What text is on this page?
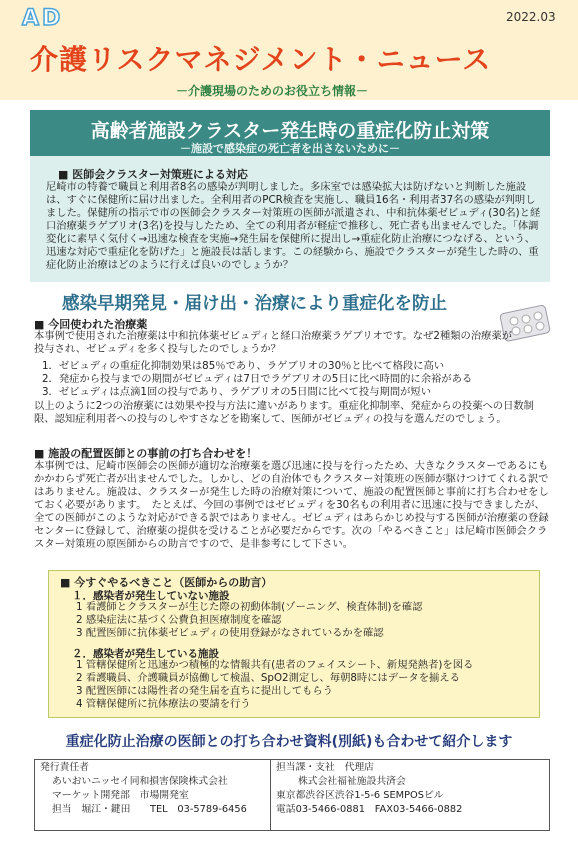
AD	2022.03
介護リスクマネジメント・ニュース
－介護現場のためのお役立ち情報－
高齢者施設クラスター発生時の重症化防止対策
－施設で感染症の死亡者を出さないために－
■ 医師会クラスター対策班による対応
尼崎市の特養で職員と利用者8名の感染が判明しました。多床室では感染拡大は防げないと判断した施設は、すぐに保健所に届け出ました。全利用者のPCR検査を実施し、職員16名・利用者37名の感染が判明しました。保健所の指示で市の医師会クラスター対策班の医師が派遣され、中和抗体薬ゼビュディ(30名)と経口治療薬ラゲブリオ(3名)を投与したため、全ての利用者が軽症で推移し、死亡者も出ませんでした。「体調変化に素早く気付く→迅速な検査を実施→発生届を保健所に提出し→重症化防止治療につなげる、という、迅速な対応で重症化を防げた」と施設長は話します。この経験から、施設でクラスターが発生した時の、重症化防止治療はどのように行えば良いのでしょうか？
感染早期発見・届け出・治療により重症化を防止
■ 今回使われた治療薬
本事例で使用された治療薬は中和抗体薬ゼビュディと経口治療薬ラゲブリオです。なぜ2種類の治療薬が投与され、ゼビュディを多く投与したのでしょうか？
1．ゼビュディの重症化抑制効果は85％であり、ラゲブリオの30％と比べて格段に高い
2．発症から投与までの期間がゼビュディは7日でラゲブリオの5日に比べ時間的に余裕がある
3．ゼビュディは点滴1回の投与であり、ラゲブリオの5日間に比べて投与期間が短い
以上のように2つの治療薬には効果や投与方法に違いがあります。重症化抑制率、発症からの投薬への日数制限、認知症利用者への投与のしやすさなどを勘案して、医師がゼビュディの投与を選んだのでしょう。
■ 施設の配置医師との事前の打ち合わせを！
本事例では、尼崎市医師会の医師が適切な治療薬を選び迅速に投与を行ったため、大きなクラスターであるにもかかわらず死亡者が出ませんでした。しかし、どの自治体でもクラスター対策班の医師が駆けつけてくれる訳ではありません。施設は、クラスターが発生した時の治療対策について、施設の配置医師と事前に打ち合わせをしておく必要があります。　たとえば、今回の事例ではゼビュディを30名もの利用者に迅速に投与できましたが、全ての医師がこのような対応ができる訳ではありません。ゼビュディはあらかじめ投与する医師が治療薬の登録センターに登録して、治療薬の提供を受けることが必要だからです。次の「やるべきこと」は尼崎市医師会クラスター対策班の原医師からの助言ですので、是非参考にして下さい。
■ 今すぐやるべきこと（医師からの助言）
１．感染者が発生していない施設
1 看護師とクラスターが生じた際の初動体制(ゾーニング、検査体制)を確認
2 感染症法に基づく公費負担医療制度を確認
3 配置医師に抗体薬ゼビュディの使用登録がなされているかを確認
２．感染者が発生している施設
1 管轄保健所と迅速かつ積極的な情報共有(患者のフェイスシート、新規発熱者)を図る
2 看護職員、介護職員が協働して検温、SpO2測定し、毎朝8時にはデータを揃える
3 配置医師には陽性者の発生届を直ちに提出してもらう
4 管轄保健所に抗体療法の要請を行う
重症化防止治療の医師との打ち合わせ資料(別紙)も合わせて紹介します
発行責任者
あいおいニッセイ同和損害保険株式会社
マーケット開発部　市場開発室
担当　堀江・鍵田　　TEL　03-5789-6456
担当課・支社　代理店
株式会社福祉施設共済会
東京都渋谷区渋谷1-5-6 SEMPOSビル
電話03-5466-0881　FAX03-5466-0882
